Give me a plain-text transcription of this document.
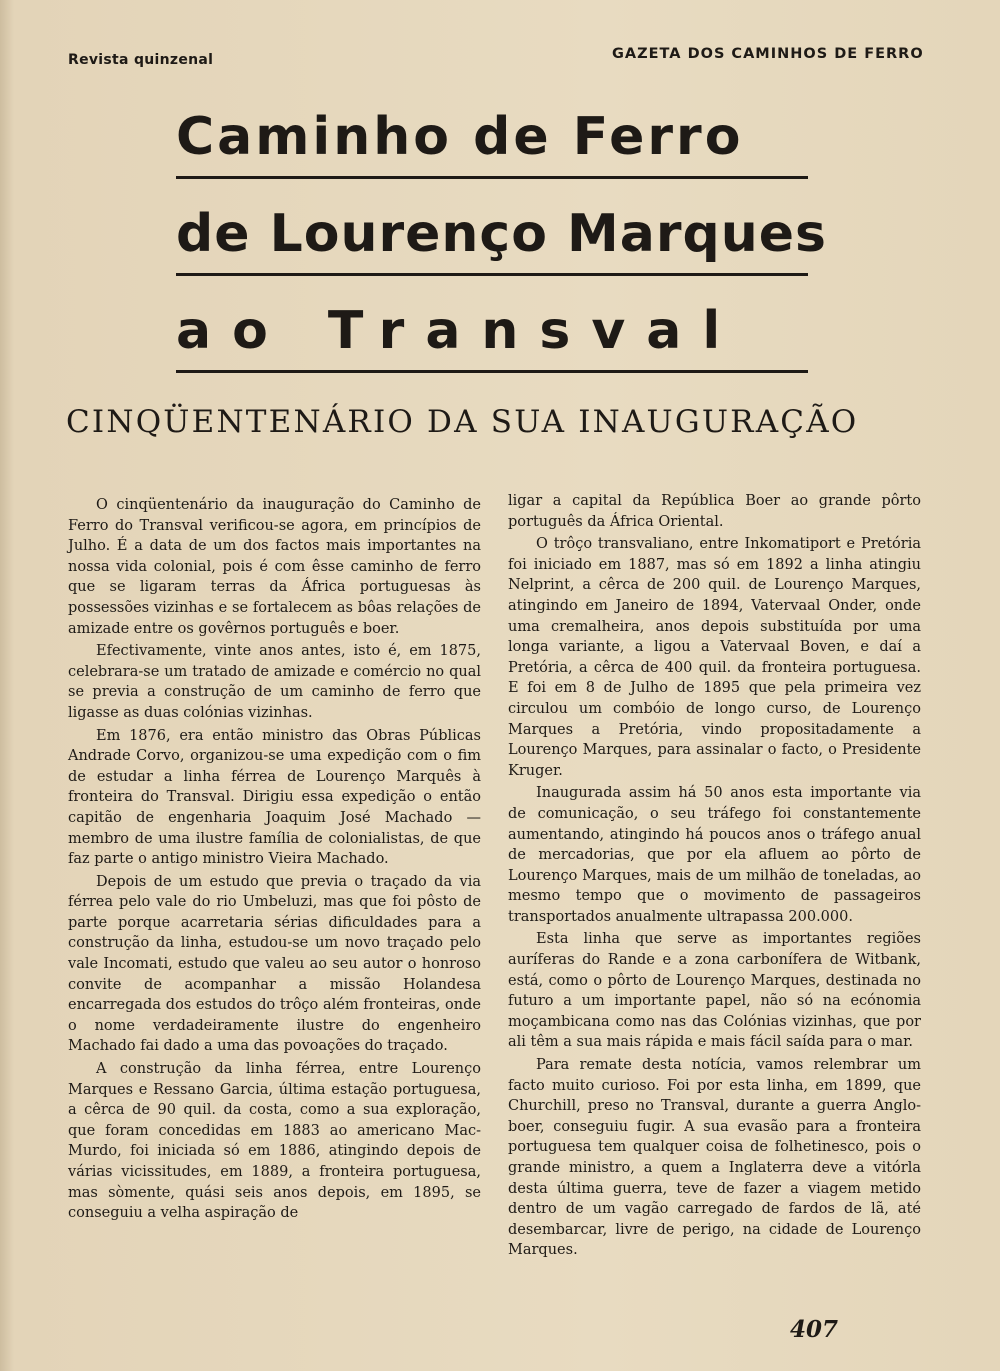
Revista quinzenal	GAZETA DOS CAMINHOS DE FERRO
Caminho de Ferro
de Lourenço Marques
ao Transval
CINQÜENTENÁRIO DA SUA INAUGURAÇÃO

O cinqüentenário da inauguração do Caminho de Ferro do Transval verificou-se agora, em princípios de Julho. É a data de um dos factos mais importantes na nossa vida colonial, pois é com êsse caminho de ferro que se ligaram terras da África portuguesas às possessões vizinhas e se fortalecem as bôas relações de amizade entre os govêrnos português e boer.

Efectivamente, vinte anos antes, isto é, em 1875, celebrara-se um tratado de amizade e comércio no qual se previa a construção de um caminho de ferro que ligasse as duas colónias vizinhas.

Em 1876, era então ministro das Obras Públicas Andrade Corvo, organizou-se uma expedição com o fim de estudar a linha férrea de Lourenço Marquês à fronteira do Transval. Dirigiu essa expedição o então capitão de engenharia Joaquim José Machado — membro de uma ilustre família de colonialistas, de que faz parte o antigo ministro Vieira Machado.

Depois de um estudo que previa o traçado da via férrea pelo vale do rio Umbeluzi, mas que foi pôsto de parte porque acarretaria sérias dificuldades para a construção da linha, estudou-se um novo traçado pelo vale Incomati, estudo que valeu ao seu autor o honroso convite de acompanhar a missão Holandesa encarregada dos estudos do trôço além fronteiras, onde o nome verdadeiramente ilustre do engenheiro Machado fai dado a uma das povoações do traçado.

A construção da linha férrea, entre Lourenço Marques e Ressano Garcia, última estação portuguesa, a cêrca de 90 quil. da costa, como a sua exploração, que foram concedidas em 1883 ao americano Mac-Murdo, foi iniciada só em 1886, atingindo depois de várias vicissitudes, em 1889, a fronteira portuguesa, mas sòmente, quási seis anos depois, em 1895, se conseguiu a velha aspiração de

ligar a capital da República Boer ao grande pôrto português da África Oriental.

O trôço transvaliano, entre Inkomatiport e Pretória foi iniciado em 1887, mas só em 1892 a linha atingiu Nelprint, a cêrca de 200 quil. de Lourenço Marques, atingindo em Janeiro de 1894, Vatervaal Onder, onde uma cremalheira, anos depois substituída por uma longa variante, a ligou a Vatervaal Boven, e daí a Pretória, a cêrca de 400 quil. da fronteira portuguesa. E foi em 8 de Julho de 1895 que pela primeira vez circulou um combóio de longo curso, de Lourenço Marques a Pretória, vindo propositadamente a Lourenço Marques, para assinalar o facto, o Presidente Kruger.

Inaugurada assim há 50 anos esta importante via de comunicação, o seu tráfego foi constantemente aumentando, atingindo há poucos anos o tráfego anual de mercadorias, que por ela afluem ao pôrto de Lourenço Marques, mais de um milhão de toneladas, ao mesmo tempo que o movimento de passageiros transportados anualmente ultrapassa 200.000.

Esta linha que serve as importantes regiões auríferas do Rande e a zona carbonífera de Witbank, está, como o pôrto de Lourenço Marques, destinada no futuro a um importante papel, não só na ecónomia moçambicana como nas das Colónias vizinhas, que por ali têm a sua mais rápida e mais fácil saída para o mar.

Para remate desta notícia, vamos relembrar um facto muito curioso. Foi por esta linha, em 1899, que Churchill, preso no Transval, durante a guerra Anglo-boer, conseguiu fugir. A sua evasão para a fronteira portuguesa tem qualquer coisa de folhetinesco, pois o grande ministro, a quem a Inglaterra deve a vitórla desta última guerra, teve de fazer a viagem metido dentro de um vagão carregado de fardos de lã, até desembarcar, livre de perigo, na cidade de Lourenço Marques.

407
